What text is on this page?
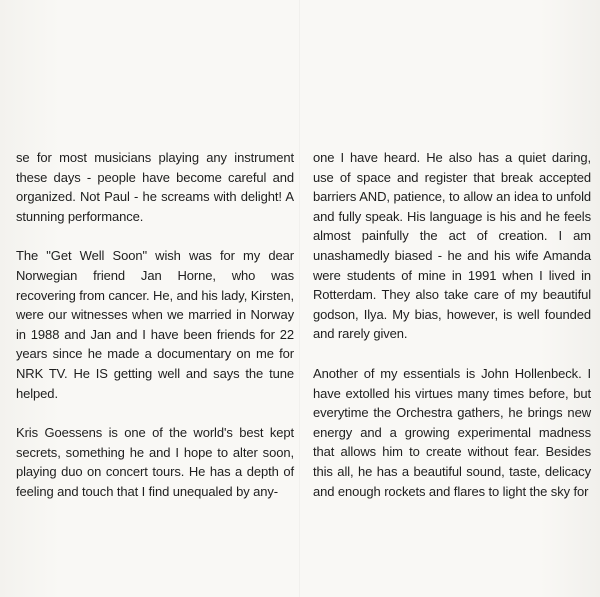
se for most musicians playing any instrument these days - people have become careful and organized. Not Paul - he screams with delight! A stunning performance.

The "Get Well Soon" wish was for my dear Norwegian friend Jan Horne, who was recovering from cancer. He, and his lady, Kirsten, were our witnesses when we married in Norway in 1988 and Jan and I have been friends for 22 years since he made a documentary on me for NRK TV. He IS getting well and says the tune helped.

Kris Goessens is one of the world's best kept secrets, something he and I hope to alter soon, playing duo on concert tours. He has a depth of feeling and touch that I find unequaled by any-

one I have heard. He also has a quiet daring, use of space and register that break accepted barriers AND, patience, to allow an idea to unfold and fully speak. His language is his and he feels almost painfully the act of creation. I am unashamedly biased - he and his wife Amanda were students of mine in 1991 when I lived in Rotterdam. They also take care of my beautiful godson, Ilya. My bias, however, is well founded and rarely given.

Another of my essentials is John Hollenbeck. I have extolled his virtues many times before, but everytime the Orchestra gathers, he brings new energy and a growing experimental madness that allows him to create without fear. Besides this all, he has a beautiful sound, taste, delicacy and enough rockets and flares to light the sky for
